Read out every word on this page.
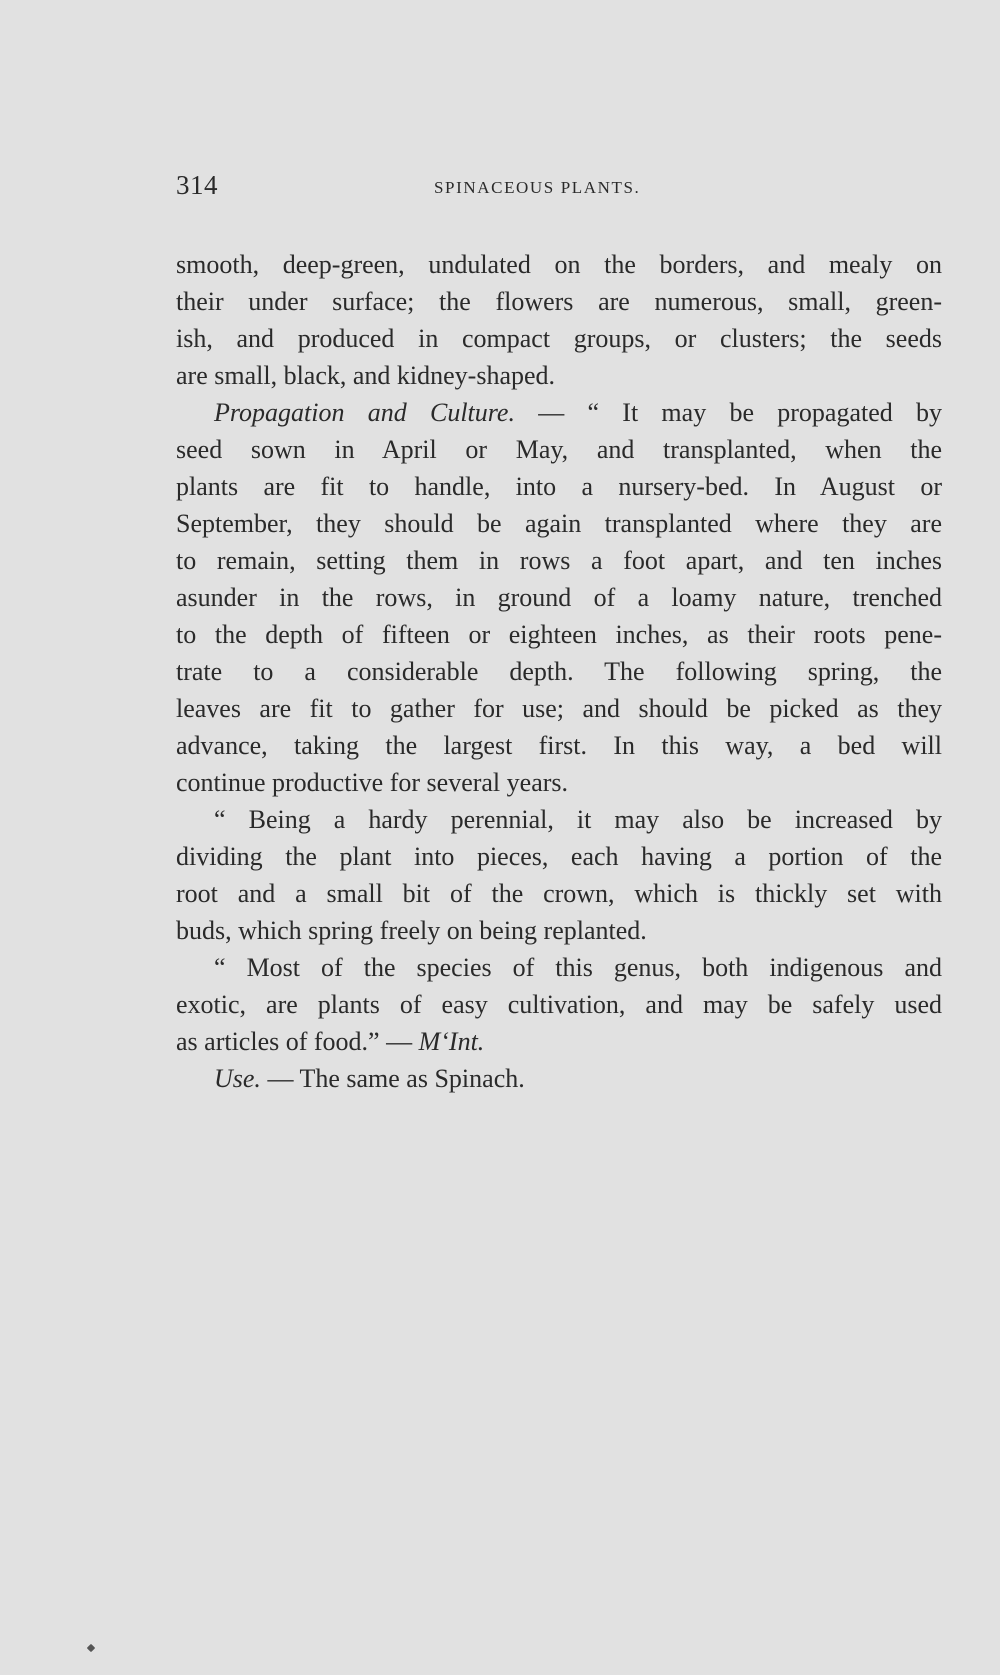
314	SPINACEOUS PLANTS.
smooth, deep-green, undulated on the borders, and mealy on
their under surface; the flowers are numerous, small, green-
ish, and produced in compact groups, or clusters; the seeds
are small, black, and kidney-shaped.
Propagation and Culture. — “ It may be propagated by
seed sown in April or May, and transplanted, when the
plants are fit to handle, into a nursery-bed. In August or
September, they should be again transplanted where they are
to remain, setting them in rows a foot apart, and ten inches
asunder in the rows, in ground of a loamy nature, trenched
to the depth of fifteen or eighteen inches, as their roots pene-
trate to a considerable depth. The following spring, the
leaves are fit to gather for use; and should be picked as they
advance, taking the largest first. In this way, a bed will
continue productive for several years.
“ Being a hardy perennial, it may also be increased by
dividing the plant into pieces, each having a portion of the
root and a small bit of the crown, which is thickly set with
buds, which spring freely on being replanted.
“ Most of the species of this genus, both indigenous and
exotic, are plants of easy cultivation, and may be safely used
as articles of food.” — M‘Int.
Use. — The same as Spinach.
